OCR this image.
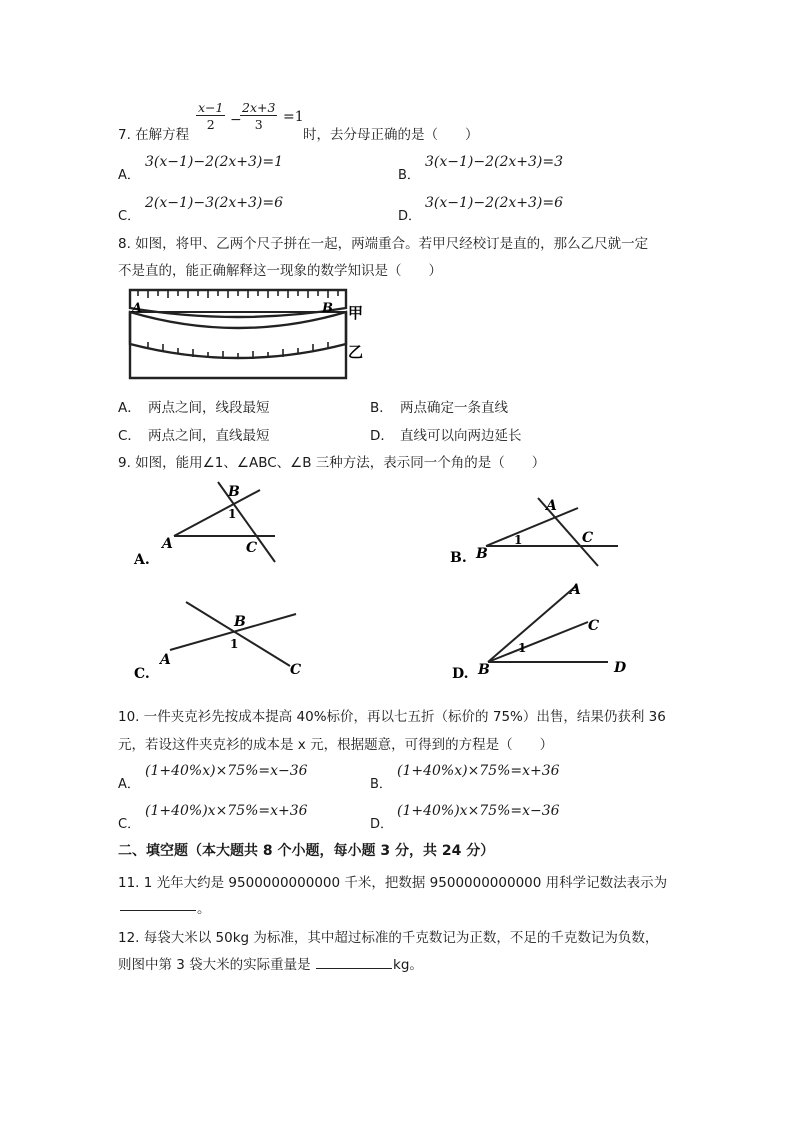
7. 在解方程
$\frac{x-1}{2}$ −
$\frac{2x+3}{3} =1$
时，去分母正确的是（　　）
A．
3(x−1)−2(2x+3)=1
B．
3(x−1)−2(2x+3)=3
C．
2(x−1)−3(2x+3)=6
D．
3(x−1)−2(2x+3)=6
8. 如图，将甲、乙两个尺子拼在一起，两端重合。若甲尺经校订是直的，那么乙尺就一定
不是直的，能正确解释这一现象的数学知识是（　　）
A	B 甲
乙
A． 两点之间，线段最短	B． 两点确定一条直线
C． 两点之间，直线最短	D． 直线可以向两边延长
9. 如图，能用∠1、∠ABC、∠B 三种方法，表示同一个角的是（　　）
A.
A
B
C
1
B. B
A
C
1
C.
A
B
C
1
D. B
A
C
D
1
10. 一件夹克衫先按成本提高 40%标价，再以七五折（标价的 75%）出售，结果仍获利 36
元，若设这件夹克衫的成本是 x 元，根据题意，可得到的方程是（　　）
A．
(1+40%x)×75%=x−36
B．
(1+40%x)×75%=x+36
C．
(1+40%)x×75%=x+36
D．
(1+40%)x×75%=x−36
二、填空题（本大题共 8 个小题，每小题 3 分，共 24 分）
11. 1 光年大约是 9500000000000 千米，把数据 9500000000000 用科学记数法表示为
。
12. 每袋大米以 50kg 为标准，其中超过标准的千克数记为正数，不足的千克数记为负数，
则图中第 3 袋大米的实际重量是	kg。
